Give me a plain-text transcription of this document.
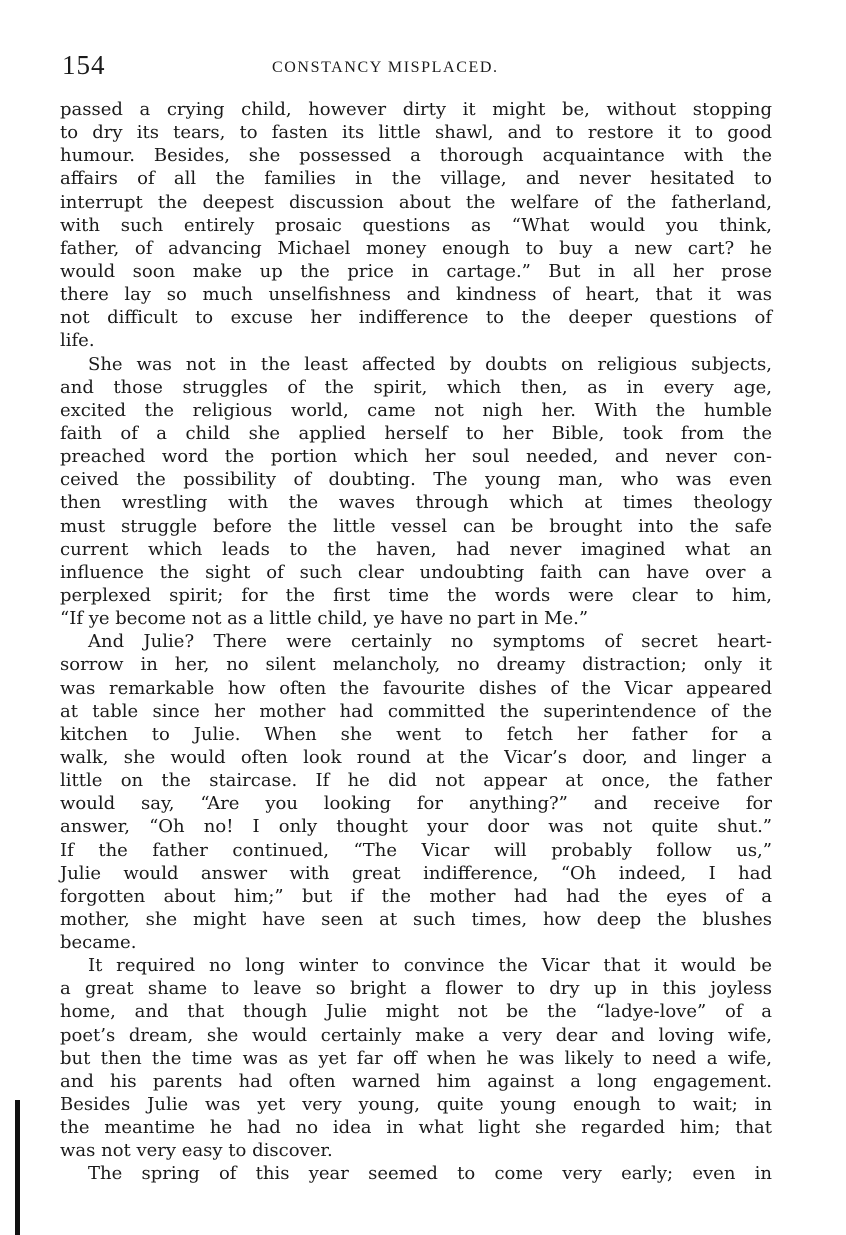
154	CONSTANCY MISPLACED.
passed a crying child, however dirty it might be, without stopping
to dry its tears, to fasten its little shawl, and to restore it to good
humour. Besides, she possessed a thorough acquaintance with the
affairs of all the families in the village, and never hesitated to
interrupt the deepest discussion about the welfare of the fatherland,
with such entirely prosaic questions as “What would you think,
father, of advancing Michael money enough to buy a new cart? he
would soon make up the price in cartage.” But in all her prose
there lay so much unselfishness and kindness of heart, that it was
not difficult to excuse her indifference to the deeper questions of
life.
She was not in the least affected by doubts on religious subjects,
and those struggles of the spirit, which then, as in every age,
excited the religious world, came not nigh her. With the humble
faith of a child she applied herself to her Bible, took from the
preached word the portion which her soul needed, and never con-
ceived the possibility of doubting. The young man, who was even
then wrestling with the waves through which at times theology
must struggle before the little vessel can be brought into the safe
current which leads to the haven, had never imagined what an
influence the sight of such clear undoubting faith can have over a
perplexed spirit; for the first time the words were clear to him,
“If ye become not as a little child, ye have no part in Me.”
And Julie? There were certainly no symptoms of secret heart-
sorrow in her, no silent melancholy, no dreamy distraction; only it
was remarkable how often the favourite dishes of the Vicar appeared
at table since her mother had committed the superintendence of the
kitchen to Julie. When she went to fetch her father for a
walk, she would often look round at the Vicar’s door, and linger a
little on the staircase. If he did not appear at once, the father
would say, “Are you looking for anything?” and receive for
answer, “Oh no! I only thought your door was not quite shut.”
If the father continued, “The Vicar will probably follow us,”
Julie would answer with great indifference, “Oh indeed, I had
forgotten about him;” but if the mother had had the eyes of a
mother, she might have seen at such times, how deep the blushes
became.
It required no long winter to convince the Vicar that it would be
a great shame to leave so bright a flower to dry up in this joyless
home, and that though Julie might not be the “ladye-love” of a
poet’s dream, she would certainly make a very dear and loving wife,
but then the time was as yet far off when he was likely to need a wife,
and his parents had often warned him against a long engagement.
Besides Julie was yet very young, quite young enough to wait; in
the meantime he had no idea in what light she regarded him; that
was not very easy to discover.
The spring of this year seemed to come very early; even in
